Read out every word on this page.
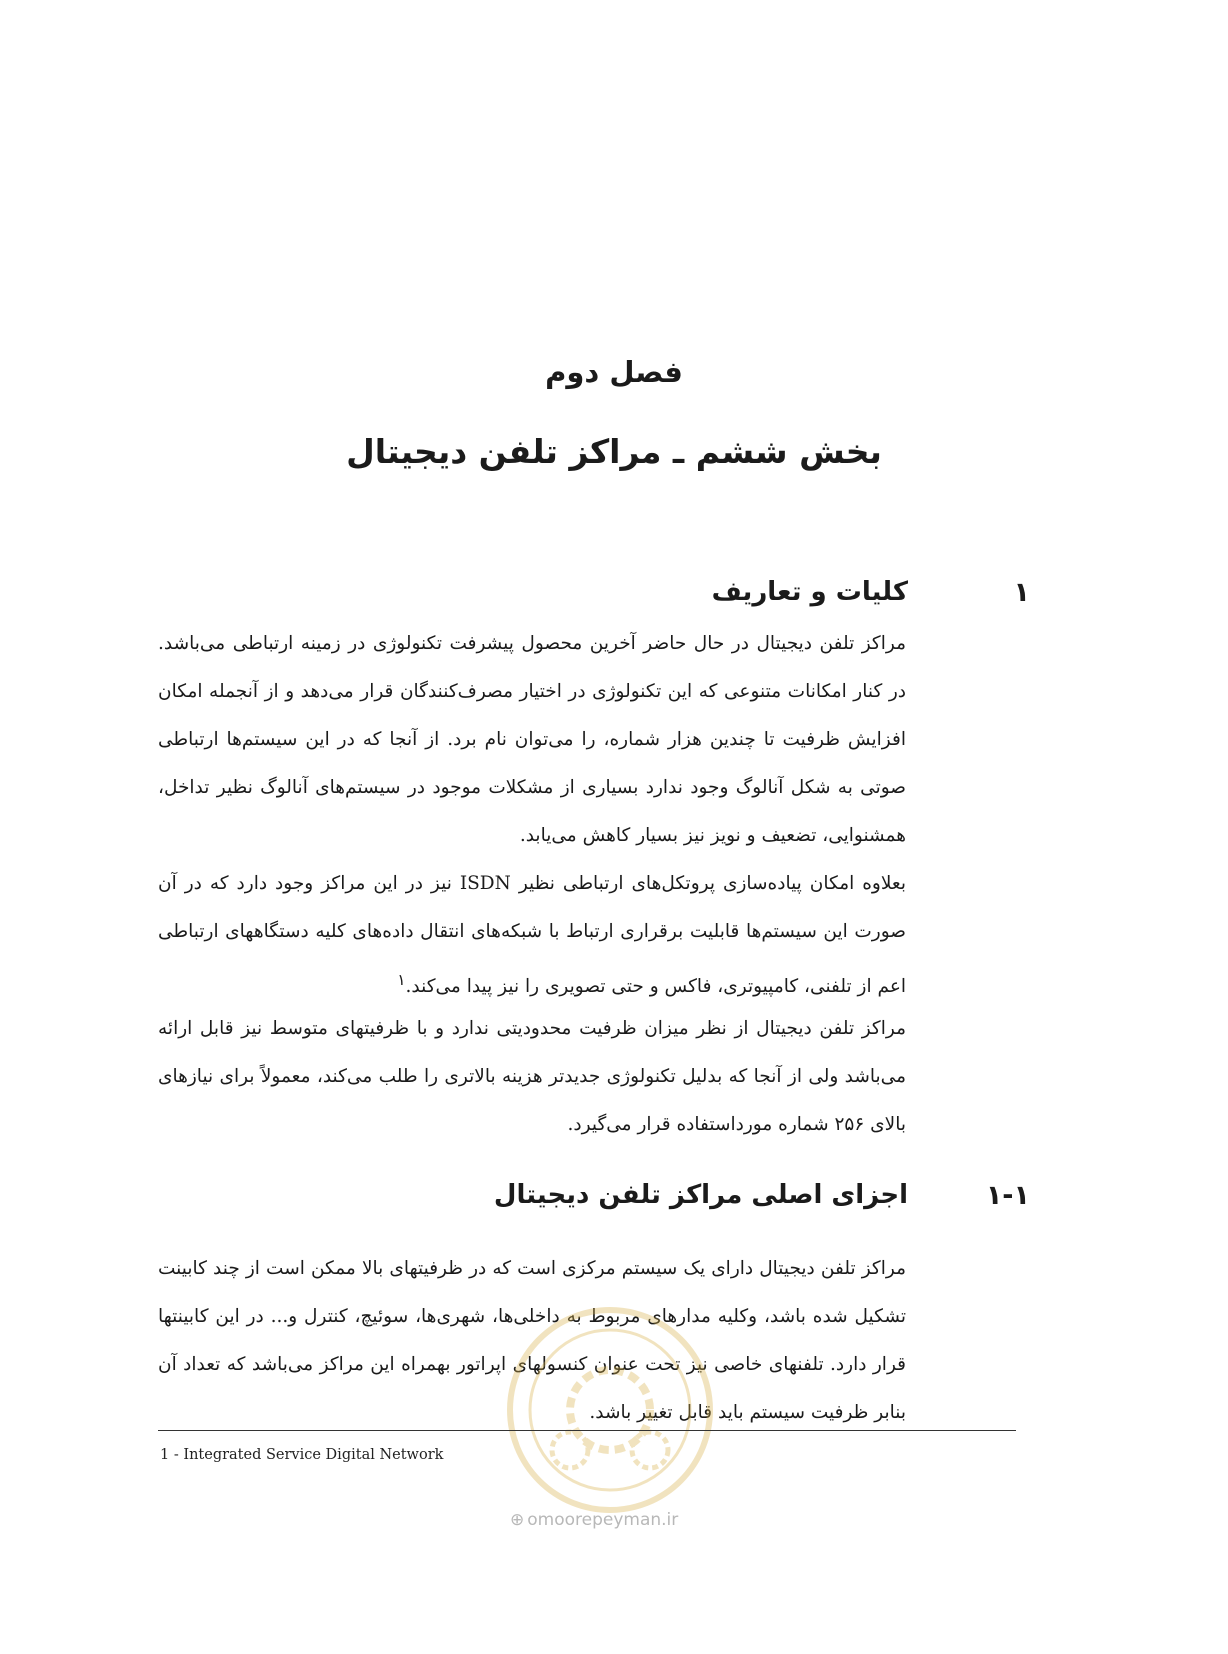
فصل دوم
بخش ششم ـ مراکز تلفن دیجیتال
۱
کلیات و تعاریف

مراکز تلفن دیجیتال در حال حاضر آخرین محصول پیشرفت تکنولوژی در زمینه ارتباطی می‌باشد. در کنار امکانات متنوعی که این تکنولوژی در اختیار مصرف‌کنندگان قرار می‌دهد و از آنجمله امکان افزایش ظرفیت تا چندین هزار شماره، را می‌توان نام برد. از آنجا که در این سیستم‌ها ارتباطی صوتی به شکل آنالوگ وجود ندارد بسیاری از مشکلات موجود در سیستم‌های آنالوگ نظیر تداخل، همشنوایی، تضعیف و نویز نیز بسیار کاهش می‌یابد.

بعلاوه امکان پیاده‌سازی پروتکل‌های ارتباطی نظیر ISDN نیز در این مراکز وجود دارد که در آن صورت این سیستم‌ها قابلیت برقراری ارتباط با شبکه‌های انتقال داده‌های کلیه دستگاههای ارتباطی اعم از تلفنی، کامپیوتری، فاکس و حتی تصویری را نیز پیدا می‌کند.$^۱$

مراکز تلفن دیجیتال از نظر میزان ظرفیت محدودیتی ندارد و با ظرفیتهای متوسط نیز قابل ارائه می‌باشد ولی از آنجا که بدلیل تکنولوژی جدیدتر هزینه بالاتری را طلب می‌کند، معمولاً برای نیازهای بالای ۲۵۶ شماره مورداستفاده قرار می‌گیرد.

۱-۱
اجزای اصلی مراکز تلفن دیجیتال

مراکز تلفن دیجیتال دارای یک سیستم مرکزی است که در ظرفیتهای بالا ممکن است از چند کابینت تشکیل شده باشد، وکلیه مدارهای مربوط به داخلی‌ها، شهری‌ها، سوئیچ، کنترل و... در این کابینتها قرار دارد. تلفنهای خاصی نیز تحت عنوان کنسولهای اپراتور بهمراه این مراکز می‌باشد که تعداد آن بنابر ظرفیت سیستم باید قابل تغییر باشد.

1 - Integrated Service Digital Network
⊕ omoorepeyman.ir
